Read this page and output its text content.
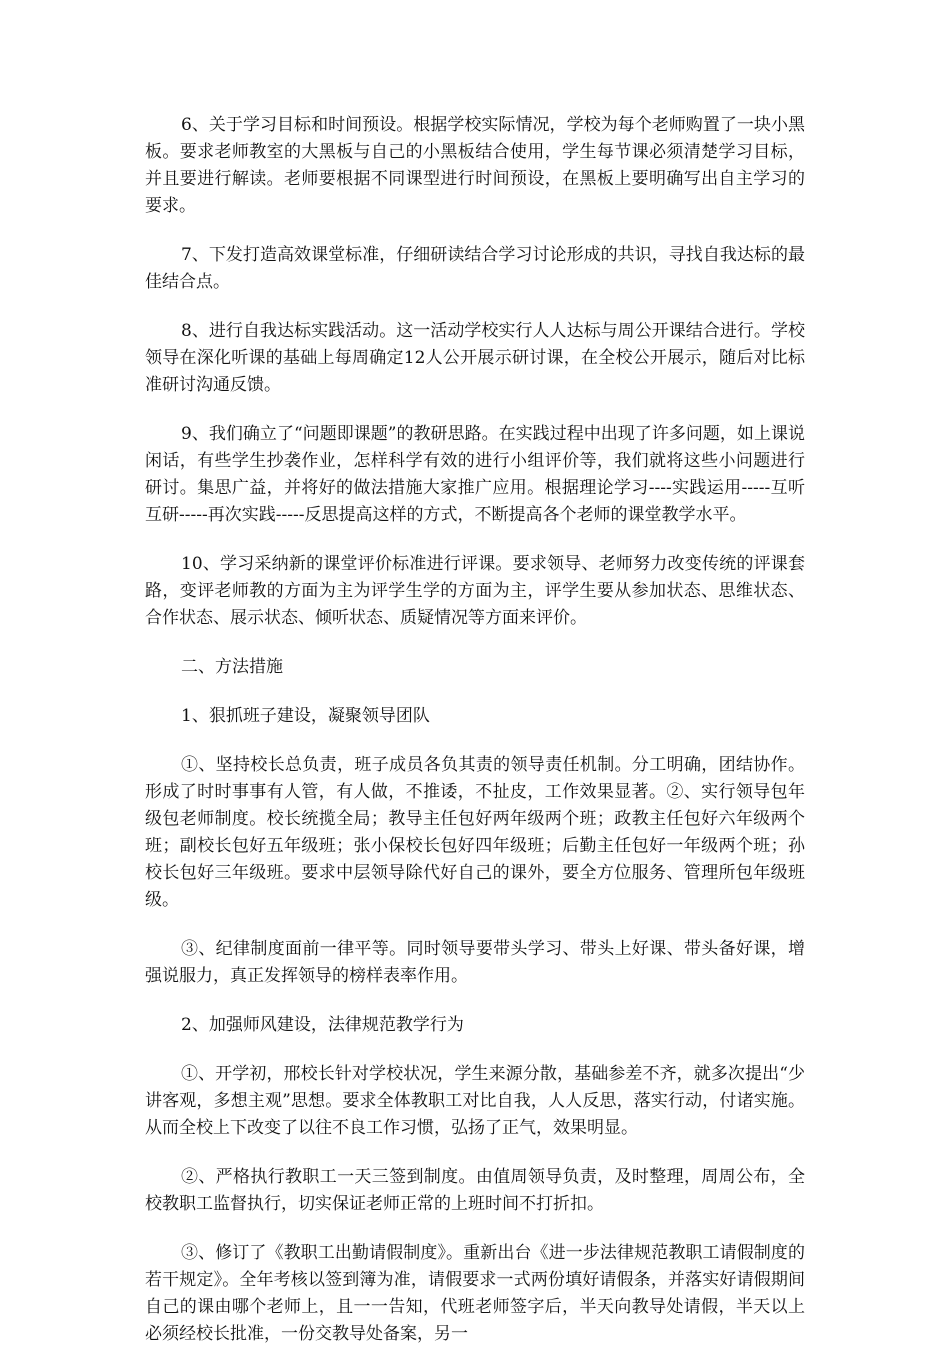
6、关于学习目标和时间预设。根据学校实际情况，学校为每个老师购置了一块小黑板。要求老师教室的大黑板与自己的小黑板结合使用，学生每节课必须清楚学习目标，并且要进行解读。老师要根据不同课型进行时间预设，在黑板上要明确写出自主学习的要求。

7、下发打造高效课堂标准，仔细研读结合学习讨论形成的共识，寻找自我达标的最佳结合点。

8、进行自我达标实践活动。这一活动学校实行人人达标与周公开课结合进行。学校领导在深化听课的基础上每周确定12人公开展示研讨课，在全校公开展示，随后对比标准研讨沟通反馈。

9、我们确立了“问题即课题”的教研思路。在实践过程中出现了许多问题，如上课说闲话，有些学生抄袭作业，怎样科学有效的进行小组评价等，我们就将这些小问题进行研讨。集思广益，并将好的做法措施大家推广应用。根据理论学习----实践运用-----互听互研-----再次实践-----反思提高这样的方式，不断提高各个老师的课堂教学水平。

10、学习采纳新的课堂评价标准进行评课。要求领导、老师努力改变传统的评课套路，变评老师教的方面为主为评学生学的方面为主，评学生要从参加状态、思维状态、合作状态、展示状态、倾听状态、质疑情况等方面来评价。

二、方法措施

1、狠抓班子建设，凝聚领导团队

①、坚持校长总负责，班子成员各负其责的领导责任机制。分工明确，团结协作。形成了时时事事有人管，有人做，不推诿，不扯皮，工作效果显著。②、实行领导包年级包老师制度。校长统揽全局；教导主任包好两年级两个班；政教主任包好六年级两个班；副校长包好五年级班；张小保校长包好四年级班；后勤主任包好一年级两个班；孙校长包好三年级班。要求中层领导除代好自己的课外，要全方位服务、管理所包年级班级。

③、纪律制度面前一律平等。同时领导要带头学习、带头上好课、带头备好课，增强说服力，真正发挥领导的榜样表率作用。

2、加强师风建设，法律规范教学行为

①、开学初，邢校长针对学校状况，学生来源分散，基础参差不齐，就多次提出“少讲客观，多想主观”思想。要求全体教职工对比自我，人人反思，落实行动，付诸实施。从而全校上下改变了以往不良工作习惯，弘扬了正气，效果明显。

②、严格执行教职工一天三签到制度。由值周领导负责，及时整理，周周公布，全校教职工监督执行，切实保证老师正常的上班时间不打折扣。

③、修订了《教职工出勤请假制度》。重新出台《进一步法律规范教职工请假制度的若干规定》。全年考核以签到簿为准，请假要求一式两份填好请假条，并落实好请假期间自己的课由哪个老师上，且一一告知，代班老师签字后，半天向教导处请假，半天以上必须经校长批准，一份交教导处备案，另一
